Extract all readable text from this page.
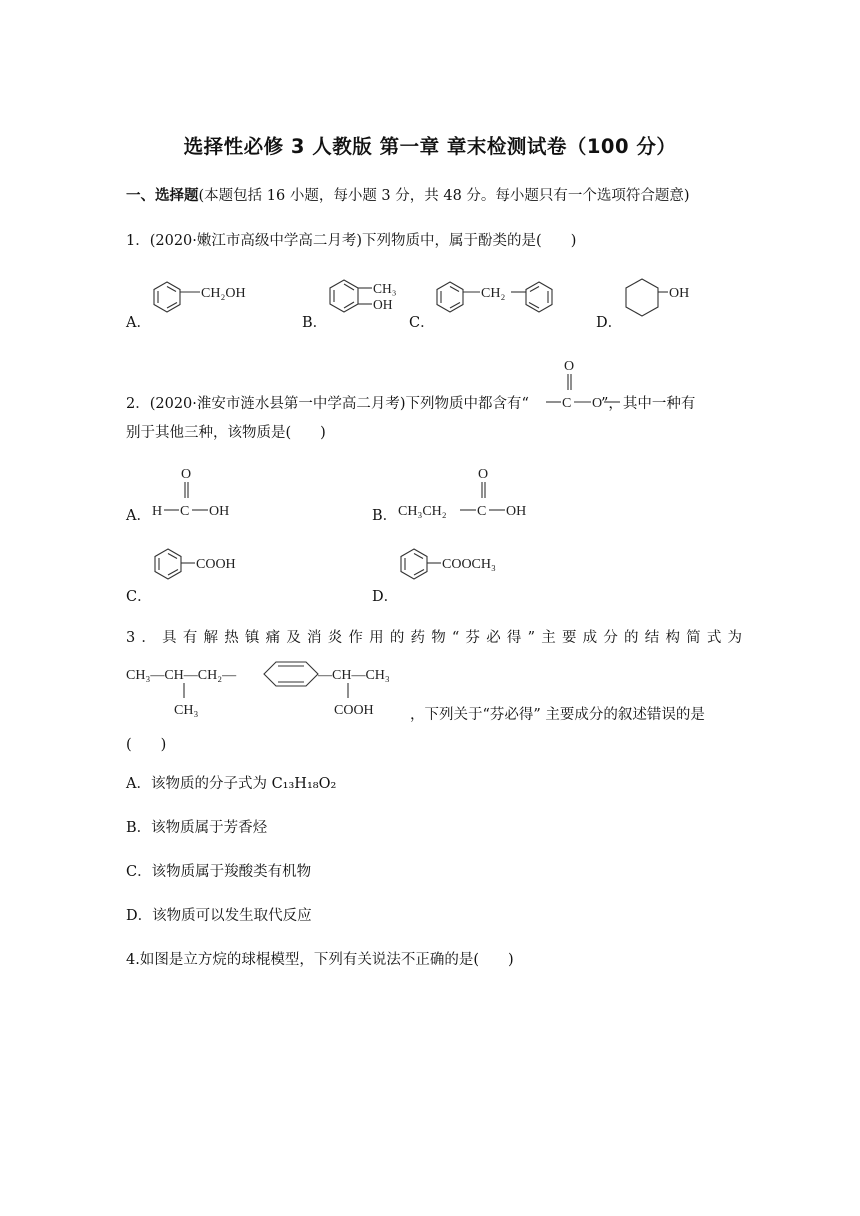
选择性必修 3 人教版 第一章 章末检测试卷（100 分）
一、选择题(本题包括 16 小题，每小题 3 分，共 48 分。每小题只有一个选项符合题意)
1．(2020·嫩江市高级中学高二月考)下列物质中，属于酚类的是(　　)
A．
CH₂OH
B．
CH₃
OH
C．
CH₂
D．
OH
2．(2020·淮安市涟水县第一中学高二月考)下列物质中都含有“	”，其中一种有
O
C O
别于其他三种，该物质是(　　)
A．
O
H C OH	B．
O
CH₃CH₂ C OH
C．
COOH
D．
COOCH₃
3．具有解热镇痛及消炎作用的药物“芬必得”主要成分的结构简式为
CH₃—CH—CH₂—
CH₃
—CH—CH₃
COOH	，下列关于“芬必得” 主要成分的叙述错误的是
(　　)
A．该物质的分子式为 C₁₃H₁₈O₂
B．该物质属于芳香烃
C．该物质属于羧酸类有机物
D．该物质可以发生取代反应
4.如图是立方烷的球棍模型，下列有关说法不正确的是(　　)
